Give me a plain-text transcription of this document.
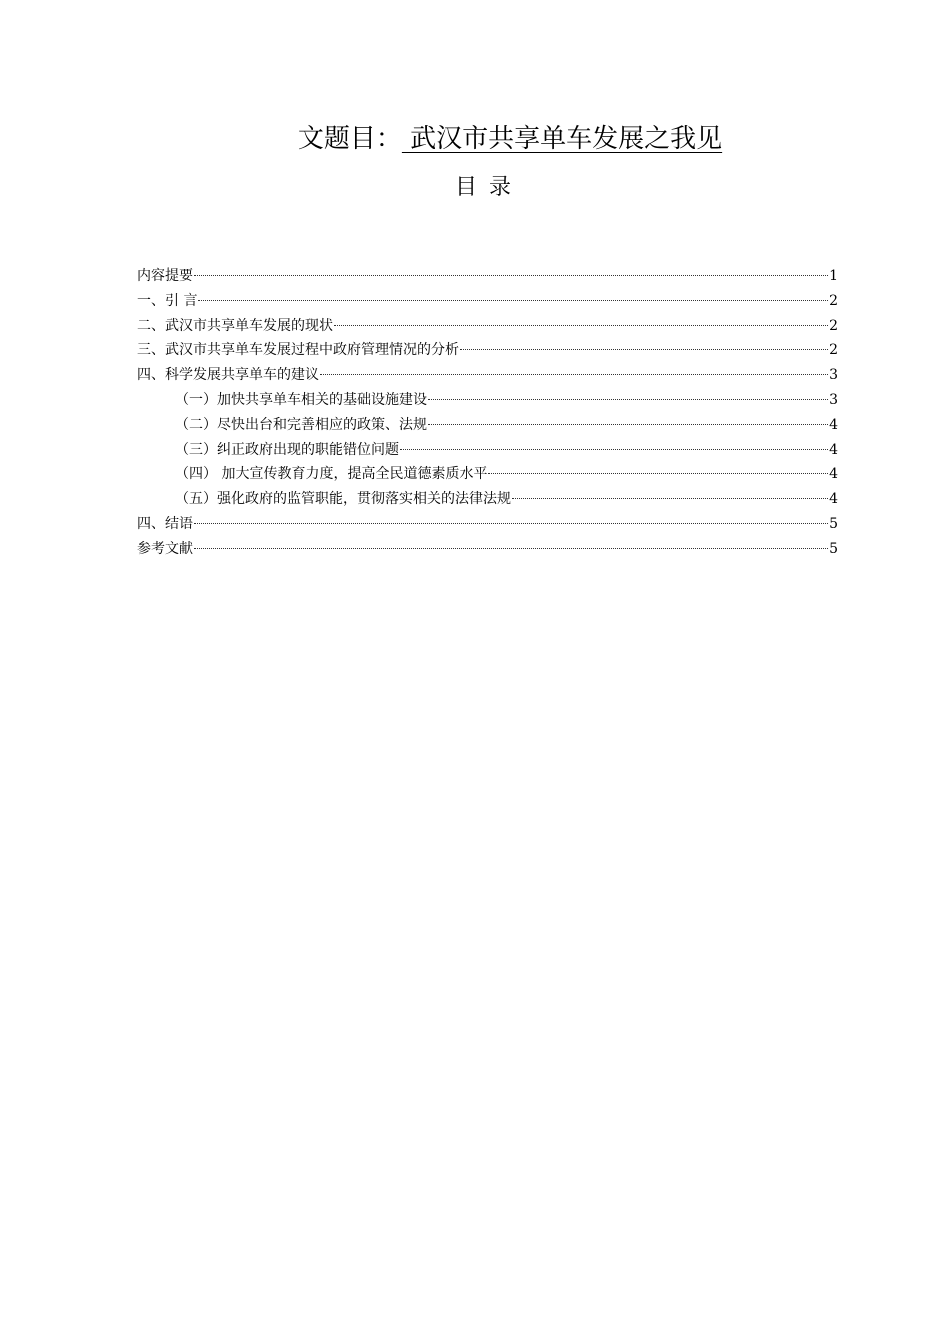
文题目： 武汉市共享单车发展之我见
目录
内容提要	1
一、引 言	2
二、武汉市共享单车发展的现状	2
三、武汉市共享单车发展过程中政府管理情况的分析	2
四、科学发展共享单车的建议	3
（一）加快共享单车相关的基础设施建设	3
（二）尽快出台和完善相应的政策、法规	4
（三）纠正政府出现的职能错位问题	4
（四） 加大宣传教育力度，提高全民道德素质水平	4
（五）强化政府的监管职能，贯彻落实相关的法律法规	4
四、结语	5
参考文献	5
